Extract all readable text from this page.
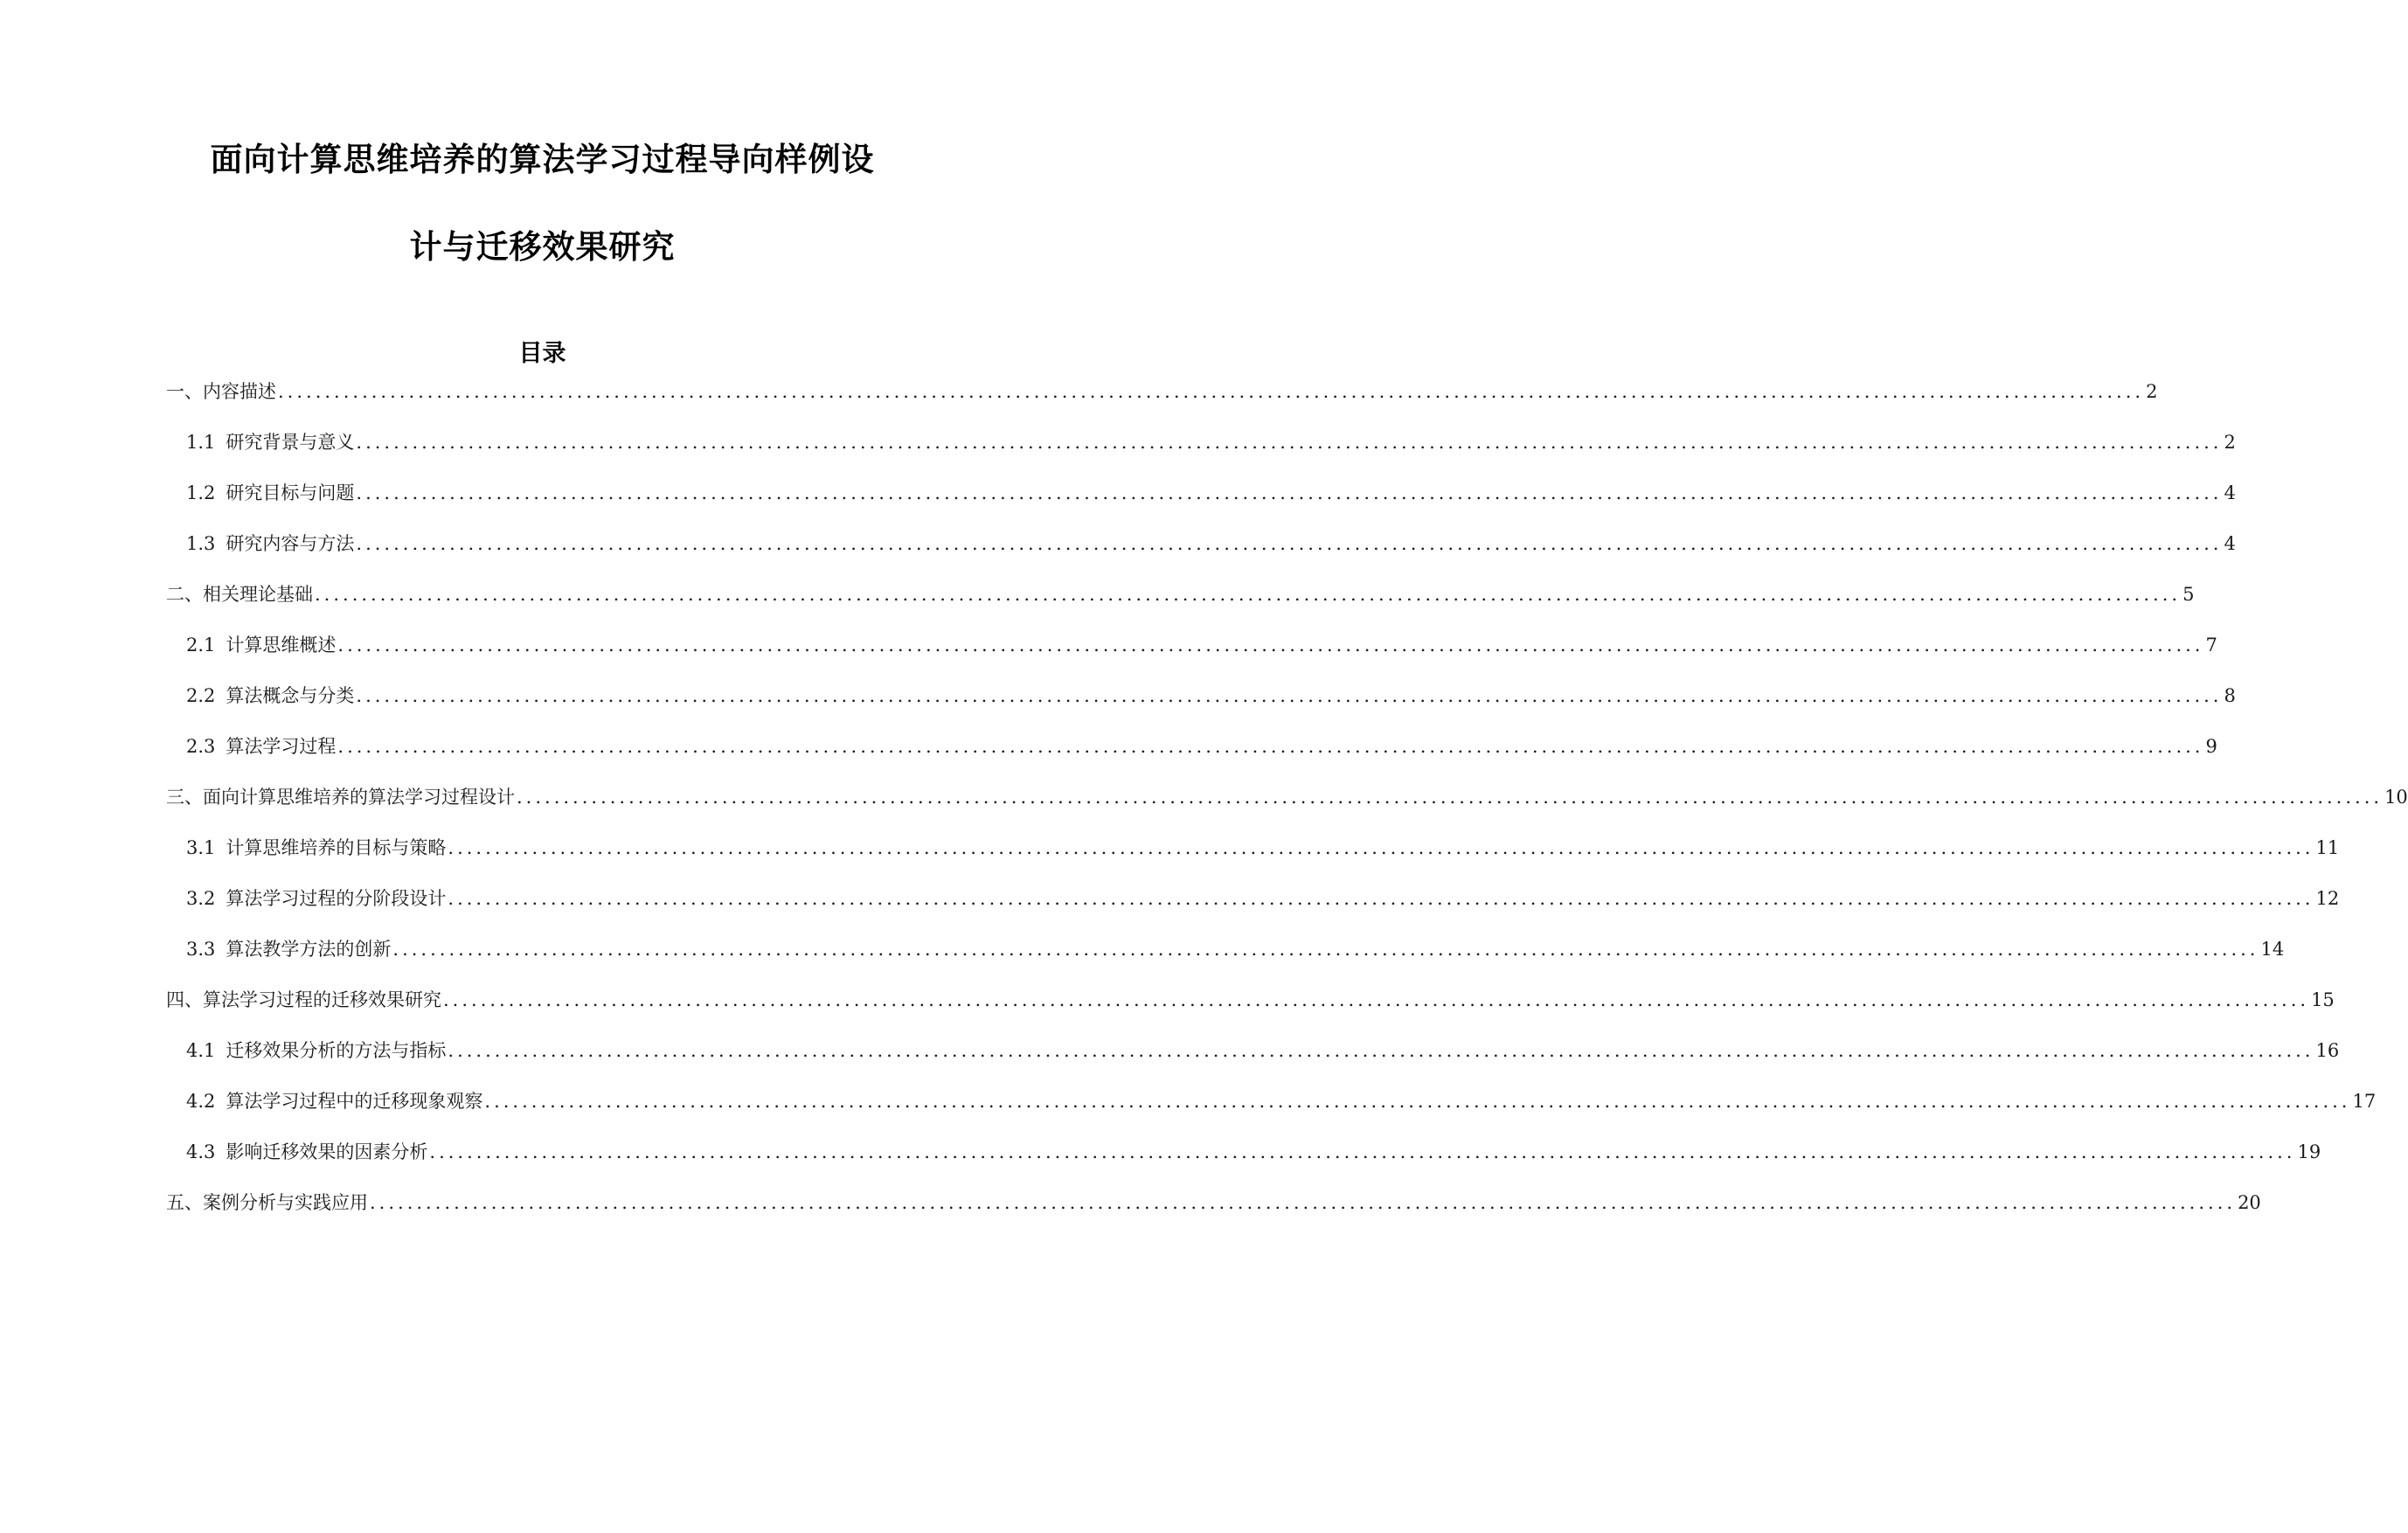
面向计算思维培养的算法学习过程导向样例设
计与迁移效果研究
目录
一、内容描述 ........................................................................................................................................................................................................ 2
1.1 研究背景与意义 ........................................................................................................................................................................................................ 2
1.2 研究目标与问题 ........................................................................................................................................................................................................ 4
1.3 研究内容与方法 ........................................................................................................................................................................................................ 4
二、相关理论基础 ........................................................................................................................................................................................................ 5
2.1 计算思维概述 ........................................................................................................................................................................................................ 7
2.2 算法概念与分类 ........................................................................................................................................................................................................ 8
2.3 算法学习过程 ........................................................................................................................................................................................................ 9
三、面向计算思维培养的算法学习过程设计 ........................................................................................................................................................................................................ 10
3.1 计算思维培养的目标与策略 ........................................................................................................................................................................................................ 11
3.2 算法学习过程的分阶段设计 ........................................................................................................................................................................................................ 12
3.3 算法教学方法的创新 ........................................................................................................................................................................................................ 14
四、算法学习过程的迁移效果研究 ........................................................................................................................................................................................................ 15
4.1 迁移效果分析的方法与指标 ........................................................................................................................................................................................................ 16
4.2 算法学习过程中的迁移现象观察 ........................................................................................................................................................................................................ 17
4.3 影响迁移效果的因素分析 ........................................................................................................................................................................................................ 19
五、案例分析与实践应用 ........................................................................................................................................................................................................ 20
